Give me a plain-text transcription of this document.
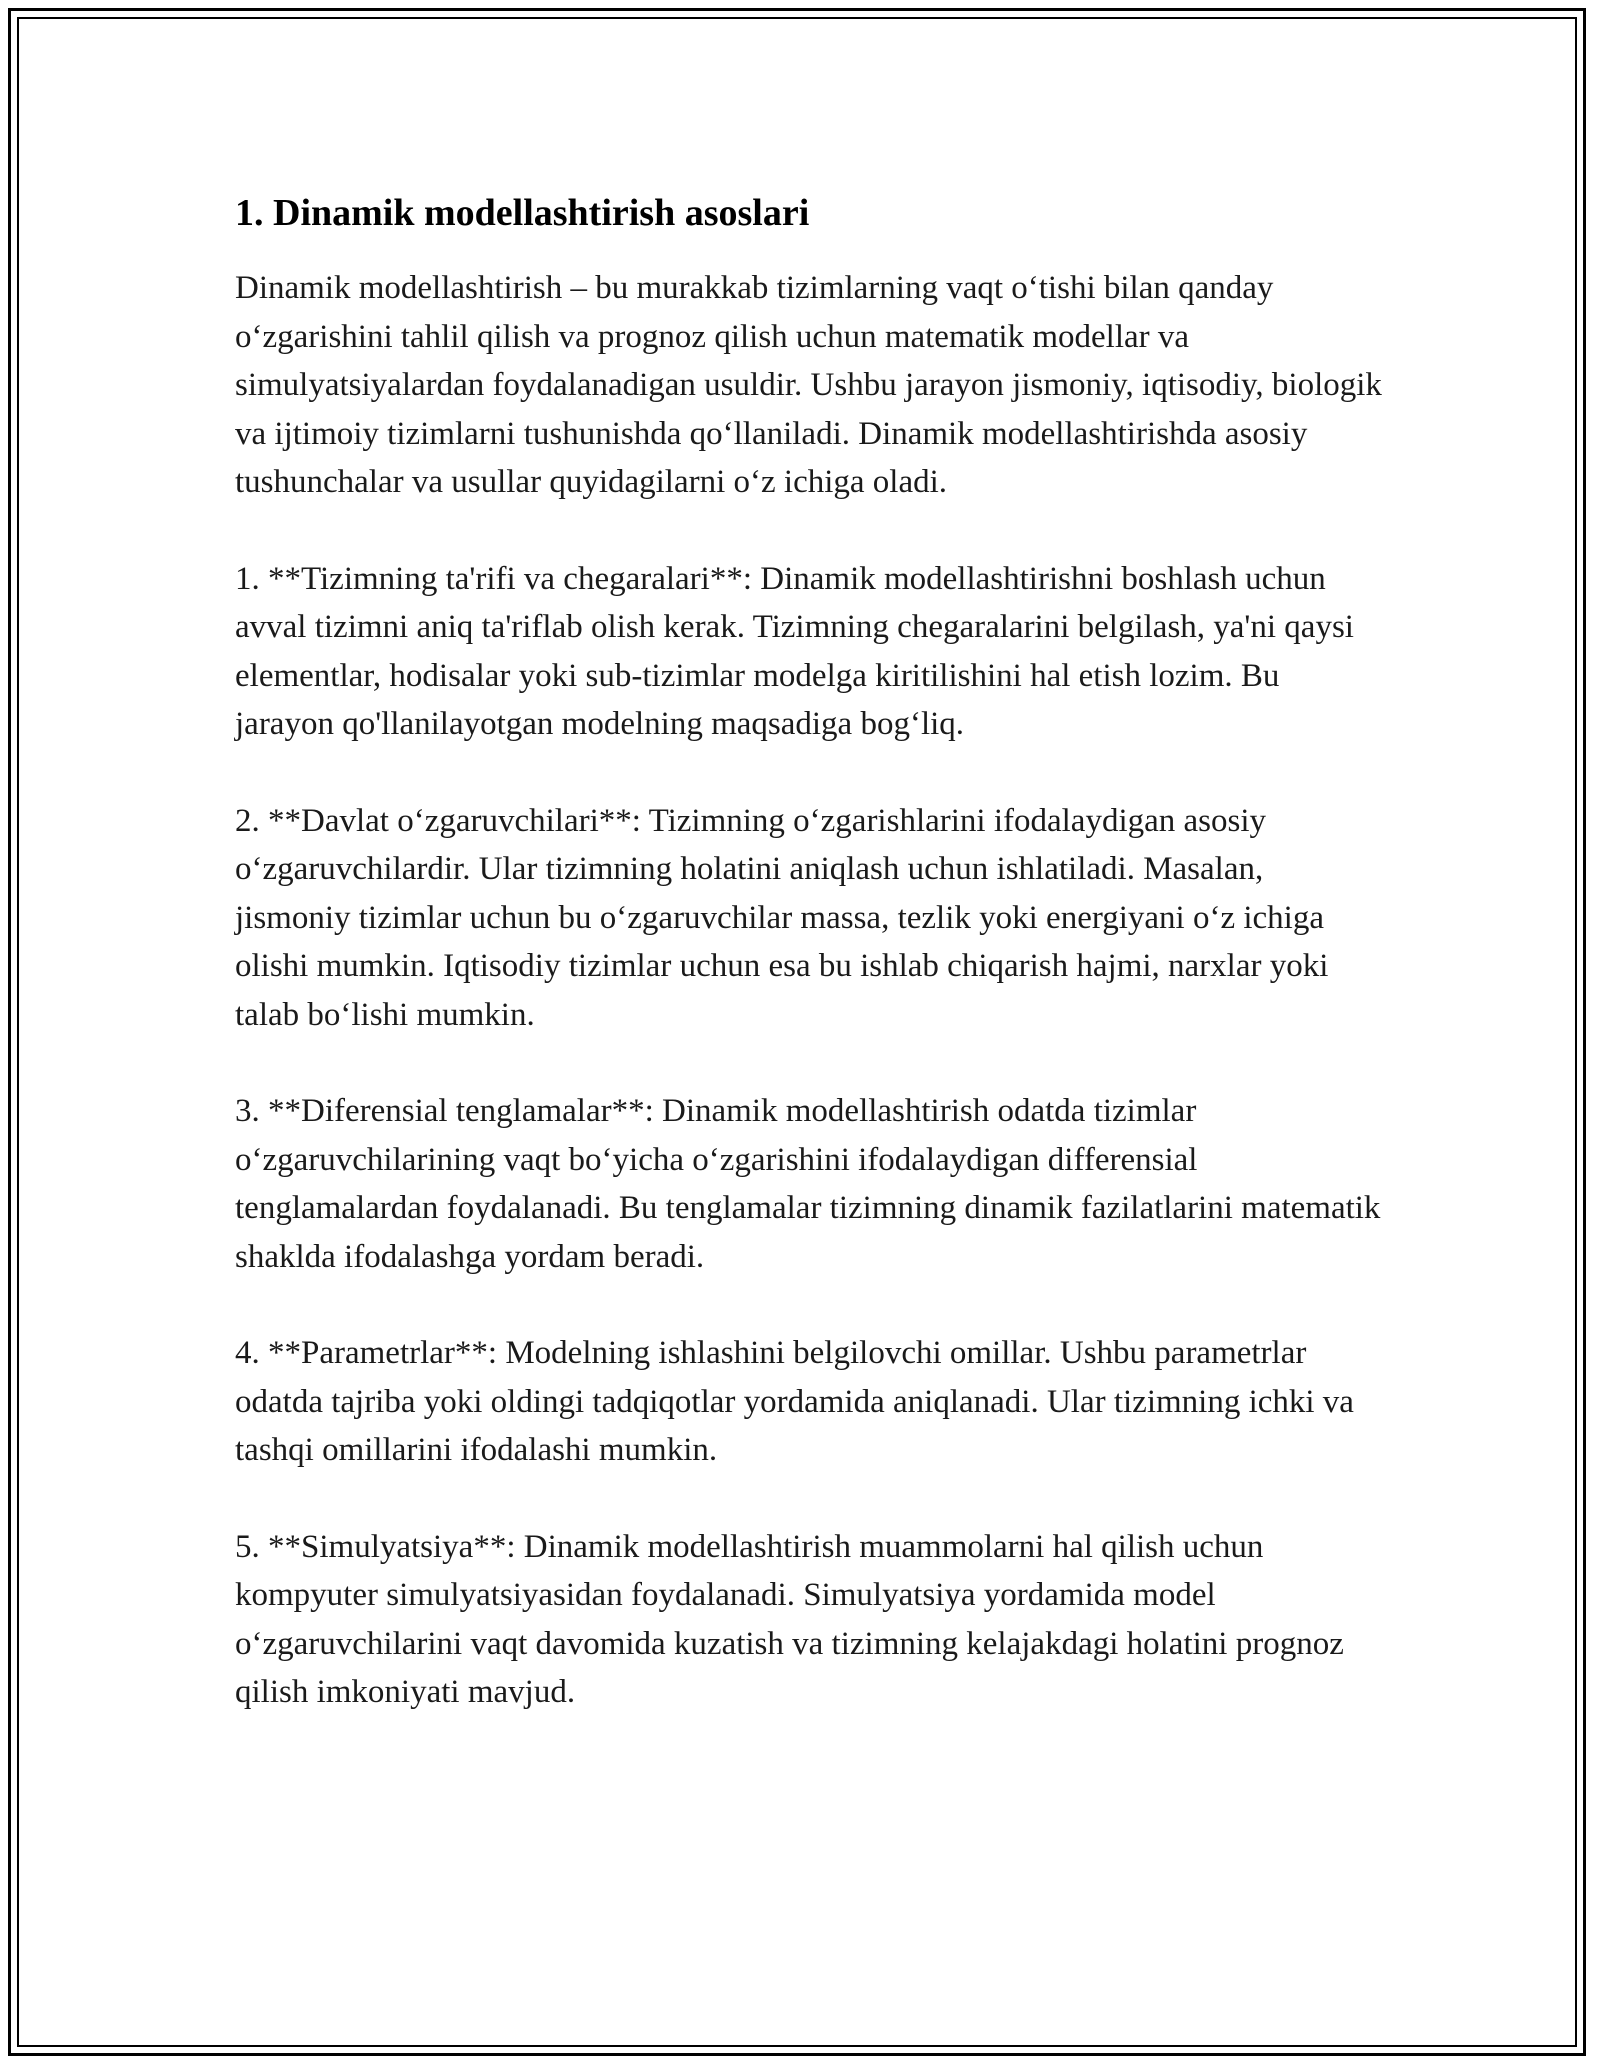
1. Dinamik modellashtirish asoslari

Dinamik modellashtirish – bu murakkab tizimlarning vaqt o‘tishi bilan qanday o‘zgarishini tahlil qilish va prognoz qilish uchun matematik modellar va simulyatsiyalardan foydalanadigan usuldir. Ushbu jarayon jismoniy, iqtisodiy, biologik va ijtimoiy tizimlarni tushunishda qo‘llaniladi. Dinamik modellashtirishda asosiy tushunchalar va usullar quyidagilarni o‘z ichiga oladi.

1. **Tizimning ta'rifi va chegaralari**: Dinamik modellashtirishni boshlash uchun avval tizimni aniq ta'riflab olish kerak. Tizimning chegaralarini belgilash, ya'ni qaysi elementlar, hodisalar yoki sub-tizimlar modelga kiritilishini hal etish lozim. Bu jarayon qo'llanilayotgan modelning maqsadiga bog‘liq.

2. **Davlat o‘zgaruvchilari**: Tizimning o‘zgarishlarini ifodalaydigan asosiy o‘zgaruvchilardir. Ular tizimning holatini aniqlash uchun ishlatiladi. Masalan, jismoniy tizimlar uchun bu o‘zgaruvchilar massa, tezlik yoki energiyani o‘z ichiga olishi mumkin. Iqtisodiy tizimlar uchun esa bu ishlab chiqarish hajmi, narxlar yoki talab bo‘lishi mumkin.

3. **Diferensial tenglamalar**: Dinamik modellashtirish odatda tizimlar o‘zgaruvchilarining vaqt bo‘yicha o‘zgarishini ifodalaydigan differensial tenglamalardan foydalanadi. Bu tenglamalar tizimning dinamik fazilatlarini matematik shaklda ifodalashga yordam beradi.

4. **Parametrlar**: Modelning ishlashini belgilovchi omillar. Ushbu parametrlar odatda tajriba yoki oldingi tadqiqotlar yordamida aniqlanadi. Ular tizimning ichki va tashqi omillarini ifodalashi mumkin.

5. **Simulyatsiya**: Dinamik modellashtirish muammolarni hal qilish uchun kompyuter simulyatsiyasidan foydalanadi. Simulyatsiya yordamida model o‘zgaruvchilarini vaqt davomida kuzatish va tizimning kelajakdagi holatini prognoz qilish imkoniyati mavjud.
